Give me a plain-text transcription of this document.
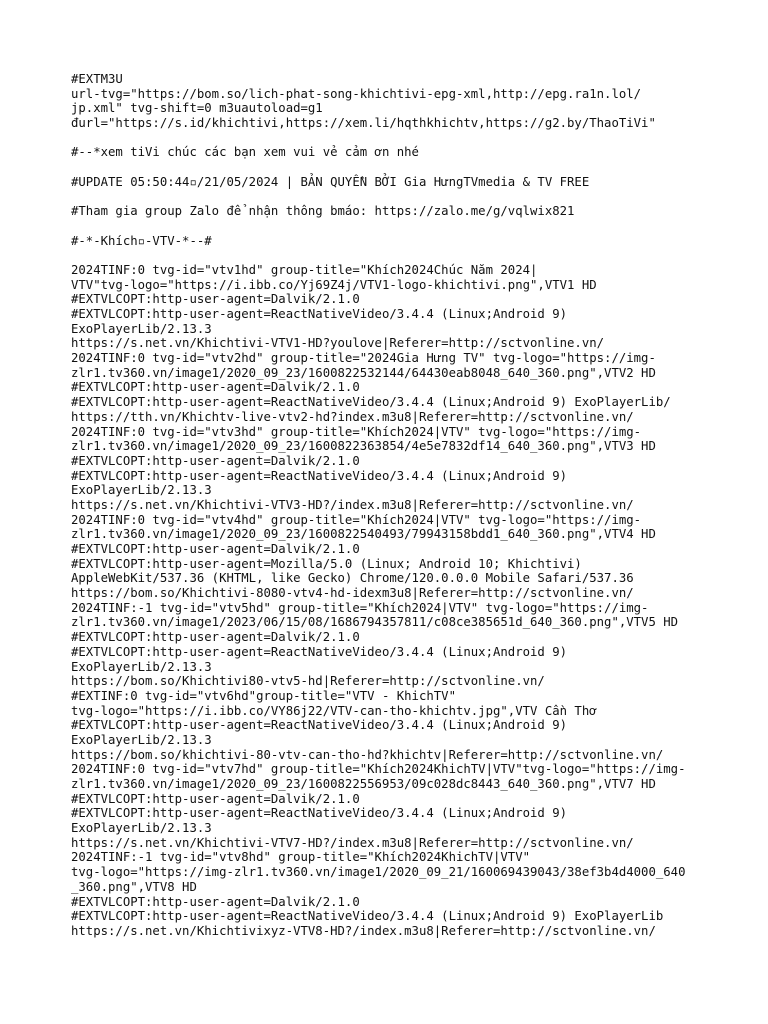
#EXTM3U
url-tvg="https://bom.so/lich-phat-song-khichtivi-epg-xml,http://epg.ra1n.lol/
jp.xml" tvg-shift=0 m3uautoload=g1
đurl="https://s.id/khichtivi,https://xem.li/hqthkhichtv,https://g2.by/ThaoTiVi"
#--*xem tiVi chúc các bạn xem vui vẻ cảm ơn nhé
#UPDATE 05:50:44▫/21/05/2024 | BẢN QUYỀN BỞI Gia HưngTVmedia & TV FREE
#Tham gia group Zalo để nhận thông bmáo: https://zalo.me/g/vqlwix821
#-*-Khích▫-VTV-*--#
2024TINF:0 tvg-id="vtv1hd" group-title="Khích2024Chúc Năm 2024|
VTV"tvg-logo="https://i.ibb.co/Yj69Z4j/VTV1-logo-khichtivi.png",VTV1 HD
#EXTVLCOPT:http-user-agent=Dalvik/2.1.0
#EXTVLCOPT:http-user-agent=ReactNativeVideo/3.4.4 (Linux;Android 9)
ExoPlayerLib/2.13.3
https://s.net.vn/Khichtivi-VTV1-HD?youlove|Referer=http://sctvonline.vn/
2024TINF:0 tvg-id="vtv2hd" group-title="2024Gia Hưng TV" tvg-logo="https://img-
zlr1.tv360.vn/image1/2020_09_23/1600822532144/64430eab8048_640_360.png",VTV2 HD
#EXTVLCOPT:http-user-agent=Dalvik/2.1.0
#EXTVLCOPT:http-user-agent=ReactNativeVideo/3.4.4 (Linux;Android 9) ExoPlayerLib/
https://tth.vn/Khichtv-live-vtv2-hd?index.m3u8|Referer=http://sctvonline.vn/
2024TINF:0 tvg-id="vtv3hd" group-title="Khích2024|VTV" tvg-logo="https://img-
zlr1.tv360.vn/image1/2020_09_23/1600822363854/4e5e7832df14_640_360.png",VTV3 HD
#EXTVLCOPT:http-user-agent=Dalvik/2.1.0
#EXTVLCOPT:http-user-agent=ReactNativeVideo/3.4.4 (Linux;Android 9)
ExoPlayerLib/2.13.3
https://s.net.vn/Khichtivi-VTV3-HD?/index.m3u8|Referer=http://sctvonline.vn/
2024TINF:0 tvg-id="vtv4hd" group-title="Khích2024|VTV" tvg-logo="https://img-
zlr1.tv360.vn/image1/2020_09_23/1600822540493/79943158bdd1_640_360.png",VTV4 HD
#EXTVLCOPT:http-user-agent=Dalvik/2.1.0
#EXTVLCOPT:http-user-agent=Mozilla/5.0 (Linux; Android 10; Khichtivi)
AppleWebKit/537.36 (KHTML, like Gecko) Chrome/120.0.0.0 Mobile Safari/537.36
https://bom.so/Khichtivi-8080-vtv4-hd-idexm3u8|Referer=http://sctvonline.vn/
2024TINF:-1 tvg-id="vtv5hd" group-title="Khích2024|VTV" tvg-logo="https://img-
zlr1.tv360.vn/image1/2023/06/15/08/1686794357811/c08ce385651d_640_360.png",VTV5 HD
#EXTVLCOPT:http-user-agent=Dalvik/2.1.0
#EXTVLCOPT:http-user-agent=ReactNativeVideo/3.4.4 (Linux;Android 9)
ExoPlayerLib/2.13.3
https://bom.so/Khichtivi80-vtv5-hd|Referer=http://sctvonline.vn/
#EXTINF:0 tvg-id="vtv6hd"group-title="VTV - KhichTV"
tvg-logo="https://i.ibb.co/VY86j22/VTV-can-tho-khichtv.jpg",VTV Cần Thơ
#EXTVLCOPT:http-user-agent=ReactNativeVideo/3.4.4 (Linux;Android 9)
ExoPlayerLib/2.13.3
https://bom.so/khichtivi-80-vtv-can-tho-hd?khichtv|Referer=http://sctvonline.vn/
2024TINF:0 tvg-id="vtv7hd" group-title="Khích2024KhichTV|VTV"tvg-logo="https://img-
zlr1.tv360.vn/image1/2020_09_23/1600822556953/09c028dc8443_640_360.png",VTV7 HD
#EXTVLCOPT:http-user-agent=Dalvik/2.1.0
#EXTVLCOPT:http-user-agent=ReactNativeVideo/3.4.4 (Linux;Android 9)
ExoPlayerLib/2.13.3
https://s.net.vn/Khichtivi-VTV7-HD?/index.m3u8|Referer=http://sctvonline.vn/
2024TINF:-1 tvg-id="vtv8hd" group-title="Khích2024KhichTV|VTV"
tvg-logo="https://img-zlr1.tv360.vn/image1/2020_09_21/160069439043/38ef3b4d4000_640
_360.png",VTV8 HD
#EXTVLCOPT:http-user-agent=Dalvik/2.1.0
#EXTVLCOPT:http-user-agent=ReactNativeVideo/3.4.4 (Linux;Android 9) ExoPlayerLib
https://s.net.vn/Khichtivixyz-VTV8-HD?/index.m3u8|Referer=http://sctvonline.vn/
